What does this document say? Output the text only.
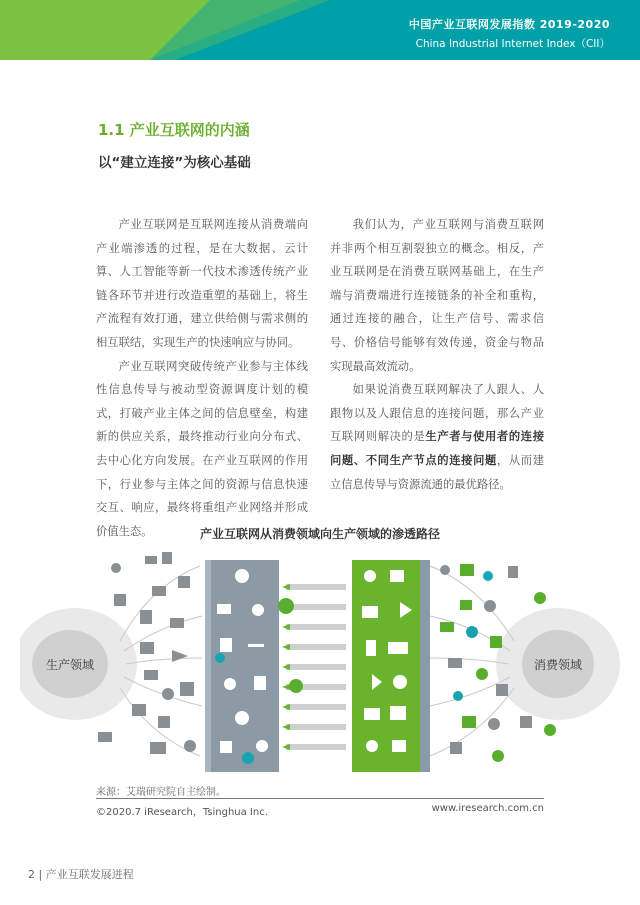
中国产业互联网发展指数 2019-2020
China Industrial Internet Index（CII）
1.1 产业互联网的内涵
以“建立连接”为核心基础

产业互联网是互联网连接从消费端向产业端渗透的过程，是在大数据、云计算、人工智能等新一代技术渗透传统产业链各环节并进行改造重塑的基础上，将生产流程有效打通，建立供给侧与需求侧的相互联结，实现生产的快速响应与协同。

产业互联网突破传统产业参与主体线性信息传导与被动型资源调度计划的模式，打破产业主体之间的信息壁垒，构建新的供应关系，最终推动行业向分布式、去中心化方向发展。在产业互联网的作用下，行业参与主体之间的资源与信息快速交互、响应，最终将重组产业网络并形成价值生态。

我们认为，产业互联网与消费互联网并非两个相互割裂独立的概念。相反，产业互联网是在消费互联网基础上，在生产端与消费端进行连接链条的补全和重构，通过连接的融合，让生产信号、需求信号、价格信号能够有效传递，资金与物品实现最高效流动。

如果说消费互联网解决了人跟人、人跟物以及人跟信息的连接问题，那么产业互联网则解决的是生产者与使用者的连接问题、不同生产节点的连接问题，从而建立信息传导与资源流通的最优路径。

产业互联网从消费领域向生产领域的渗透路径
生产领域	消费领域
来源：艾瑞研究院自主绘制。
©2020.7 iResearch，Tsinghua Inc.	www.iresearch.com.cn
2 | 产业互联发展进程
